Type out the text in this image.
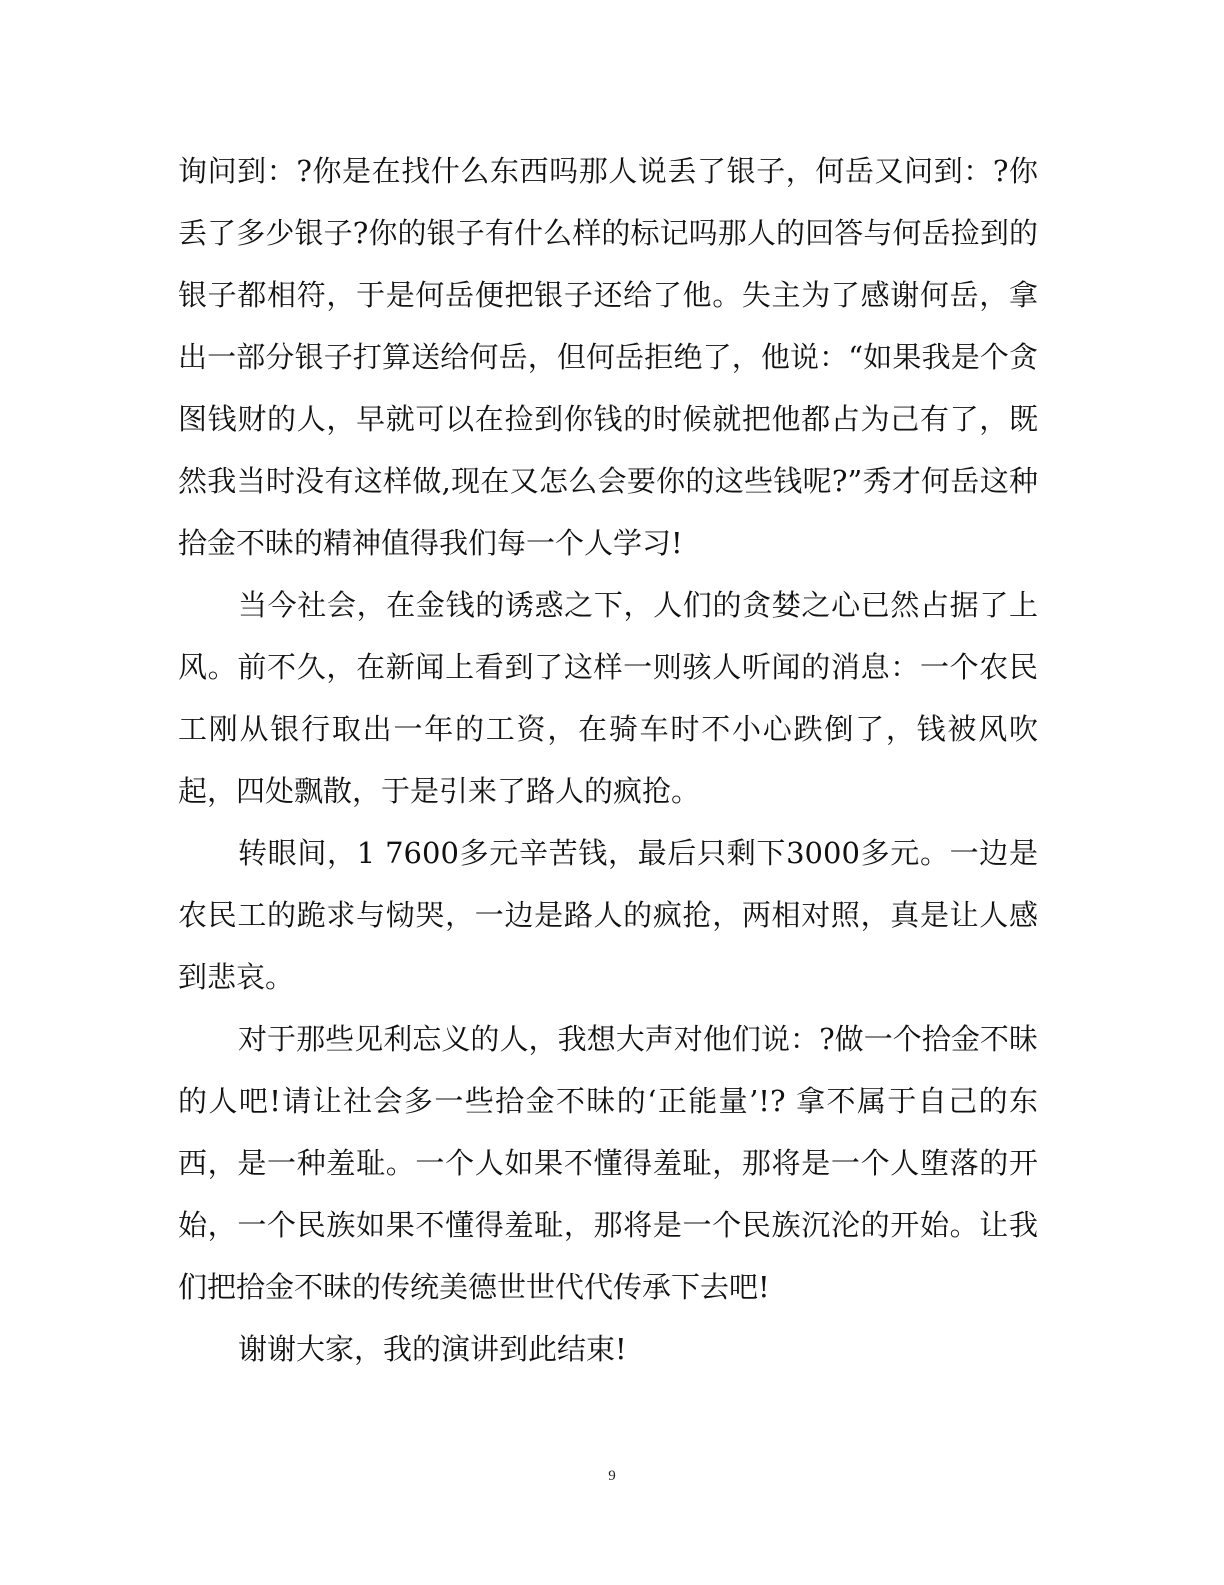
询问到：?你是在找什么东西吗那人说丢了银子，何岳又问到：?你丢了多少银子?你的银子有什么样的标记吗那人的回答与何岳捡到的银子都相符，于是何岳便把银子还给了他。失主为了感谢何岳，拿出一部分银子打算送给何岳，但何岳拒绝了，他说：“如果我是个贪图钱财的人，早就可以在捡到你钱的时候就把他都占为己有了，既然我当时没有这样做,现在又怎么会要你的这些钱呢?”秀才何岳这种拾金不昧的精神值得我们每一个人学习!

当今社会，在金钱的诱惑之下，人们的贪婪之心已然占据了上风。前不久，在新闻上看到了这样一则骇人听闻的消息：一个农民工刚从银行取出一年的工资，在骑车时不小心跌倒了，钱被风吹起，四处飘散，于是引来了路人的疯抢。

转眼间，1 7600多元辛苦钱，最后只剩下3000多元。一边是农民工的跪求与恸哭，一边是路人的疯抢，两相对照，真是让人感到悲哀。

对于那些见利忘义的人，我想大声对他们说：?做一个拾金不昧的人吧!请让社会多一些拾金不昧的‘正能量’!? 拿不属于自己的东西，是一种羞耻。一个人如果不懂得羞耻，那将是一个人堕落的开始，一个民族如果不懂得羞耻，那将是一个民族沉沦的开始。让我们把拾金不昧的传统美德世世代代传承下去吧!

谢谢大家，我的演讲到此结束!

9
